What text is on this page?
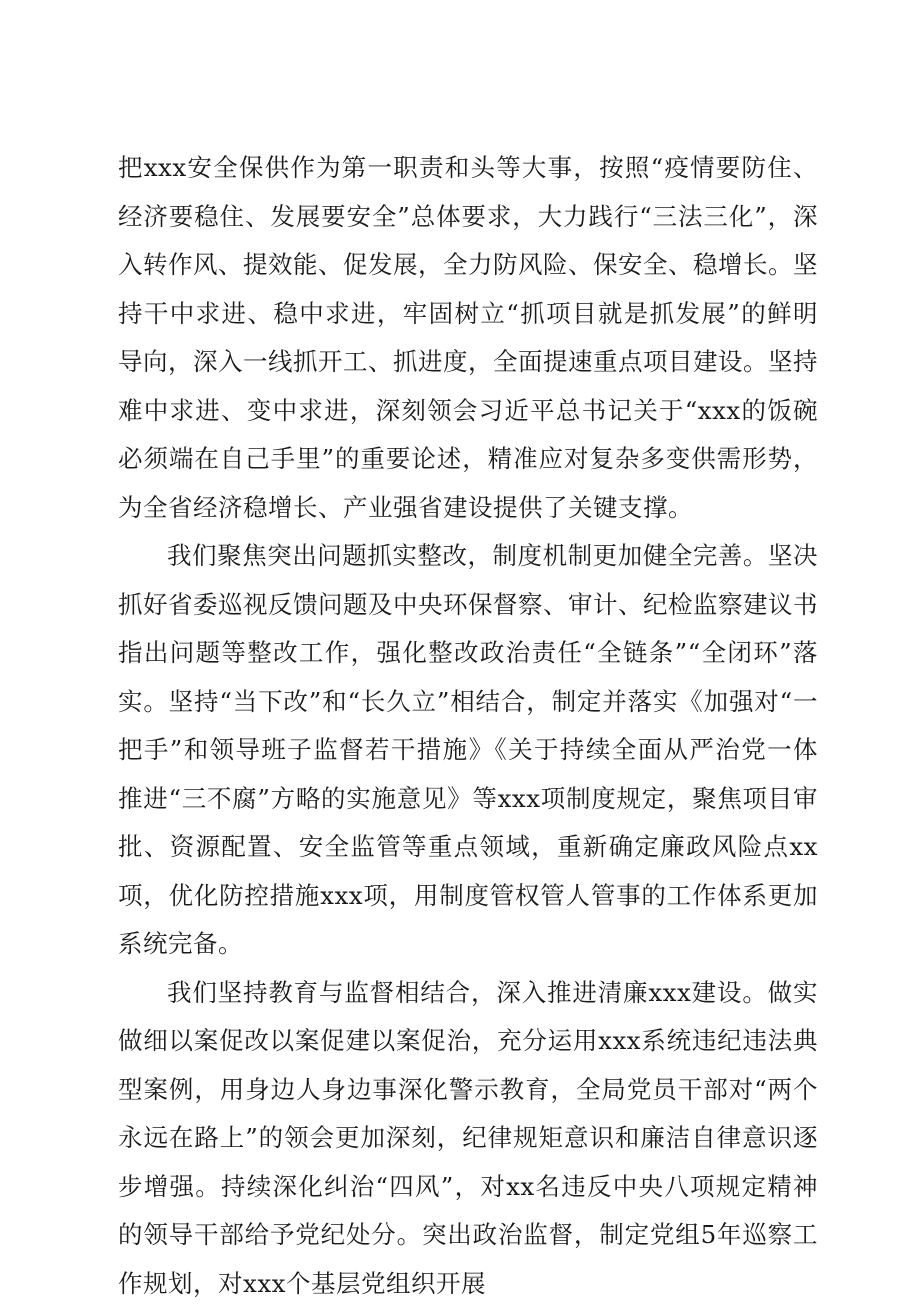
把xxx安全保供作为第一职责和头等大事，按照“疫情要防住、经济要稳住、发展要安全”总体要求，大力践行“三法三化”，深入转作风、提效能、促发展，全力防风险、保安全、稳增长。坚持干中求进、稳中求进，牢固树立“抓项目就是抓发展”的鲜明导向，深入一线抓开工、抓进度，全面提速重点项目建设。坚持难中求进、变中求进，深刻领会习近平总书记关于“xxx的饭碗必须端在自己手里”的重要论述，精准应对复杂多变供需形势，为全省经济稳增长、产业强省建设提供了关键支撑。

我们聚焦突出问题抓实整改，制度机制更加健全完善。坚决抓好省委巡视反馈问题及中央环保督察、审计、纪检监察建议书指出问题等整改工作，强化整改政治责任“全链条”“全闭环”落实。坚持“当下改”和“长久立”相结合，制定并落实《加强对“一把手”和领导班子监督若干措施》《关于持续全面从严治党一体推进“三不腐”方略的实施意见》等xxx项制度规定，聚焦项目审批、资源配置、安全监管等重点领域，重新确定廉政风险点xx项，优化防控措施xxx项，用制度管权管人管事的工作体系更加系统完备。

我们坚持教育与监督相结合，深入推进清廉xxx建设。做实做细以案促改以案促建以案促治，充分运用xxx系统违纪违法典型案例，用身边人身边事深化警示教育，全局党员干部对“两个永远在路上”的领会更加深刻，纪律规矩意识和廉洁自律意识逐步增强。持续深化纠治“四风”，对xx名违反中央八项规定精神的领导干部给予党纪处分。突出政治监督，制定党组5年巡察工作规划，对xxx个基层党组织开展
